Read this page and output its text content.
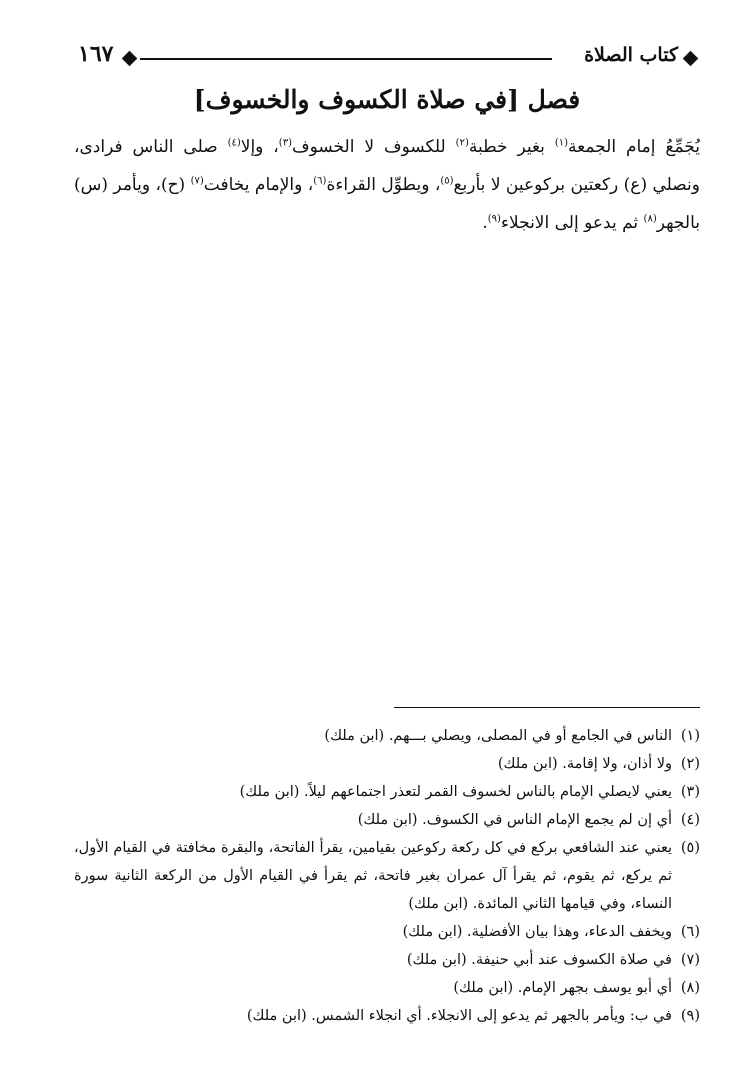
كتاب الصلاة
١٦٧
فصل [في صلاة الكسوف والخسوف]
يُجَمِّعُ إمام الجمعة$^{(١)}$ بغير خطبة$^{(٢)}$ للكسوف لا الخسوف$^{(٣)}$، وإلا$^{(٤)}$ صلى الناس فرادى، ونصلي (ع) ركعتين بركوعين لا بأربع$^{(٥)}$، ويطوِّل القراءة$^{(٦)}$، والإمام يخافت$^{(٧)}$ (ح)، ويأمر (س) بالجهر$^{(٨)}$ ثم يدعو إلى الانجلاء$^{(٩)}$.
(١)
الناس في الجامع أو في المصلى، ويصلي بـــهم. (ابن ملك)
(٢)
ولا أذان، ولا إقامة. (ابن ملك)
(٣)
يعني لايصلي الإمام بالناس لخسوف القمر لتعذر اجتماعهم ليلاً. (ابن ملك)
(٤)
أي إن لم يجمع الإمام الناس في الكسوف. (ابن ملك)
(٥)
يعني عند الشافعي بركع في كل ركعة ركوعين بقيامين، يقرأ الفاتحة، والبقرة مخافتة في القيام الأول، ثم يركع، ثم يقوم، ثم يقرأ آل عمران بغير فاتحة، ثم يقرأ في القيام الأول من الركعة الثانية سورة النساء، وفي قيامها الثاني المائدة. (ابن ملك)
(٦)
ويخفف الدعاء، وهذا بيان الأفضلية. (ابن ملك)
(٧)
في صلاة الكسوف عند أبي حنيفة. (ابن ملك)
(٨)
أي أبو يوسف بجهر الإمام. (ابن ملك)
(٩)
في ب: ويأمر بالجهر ثم يدعو إلى الانجلاء. أي انجلاء الشمس. (ابن ملك)
